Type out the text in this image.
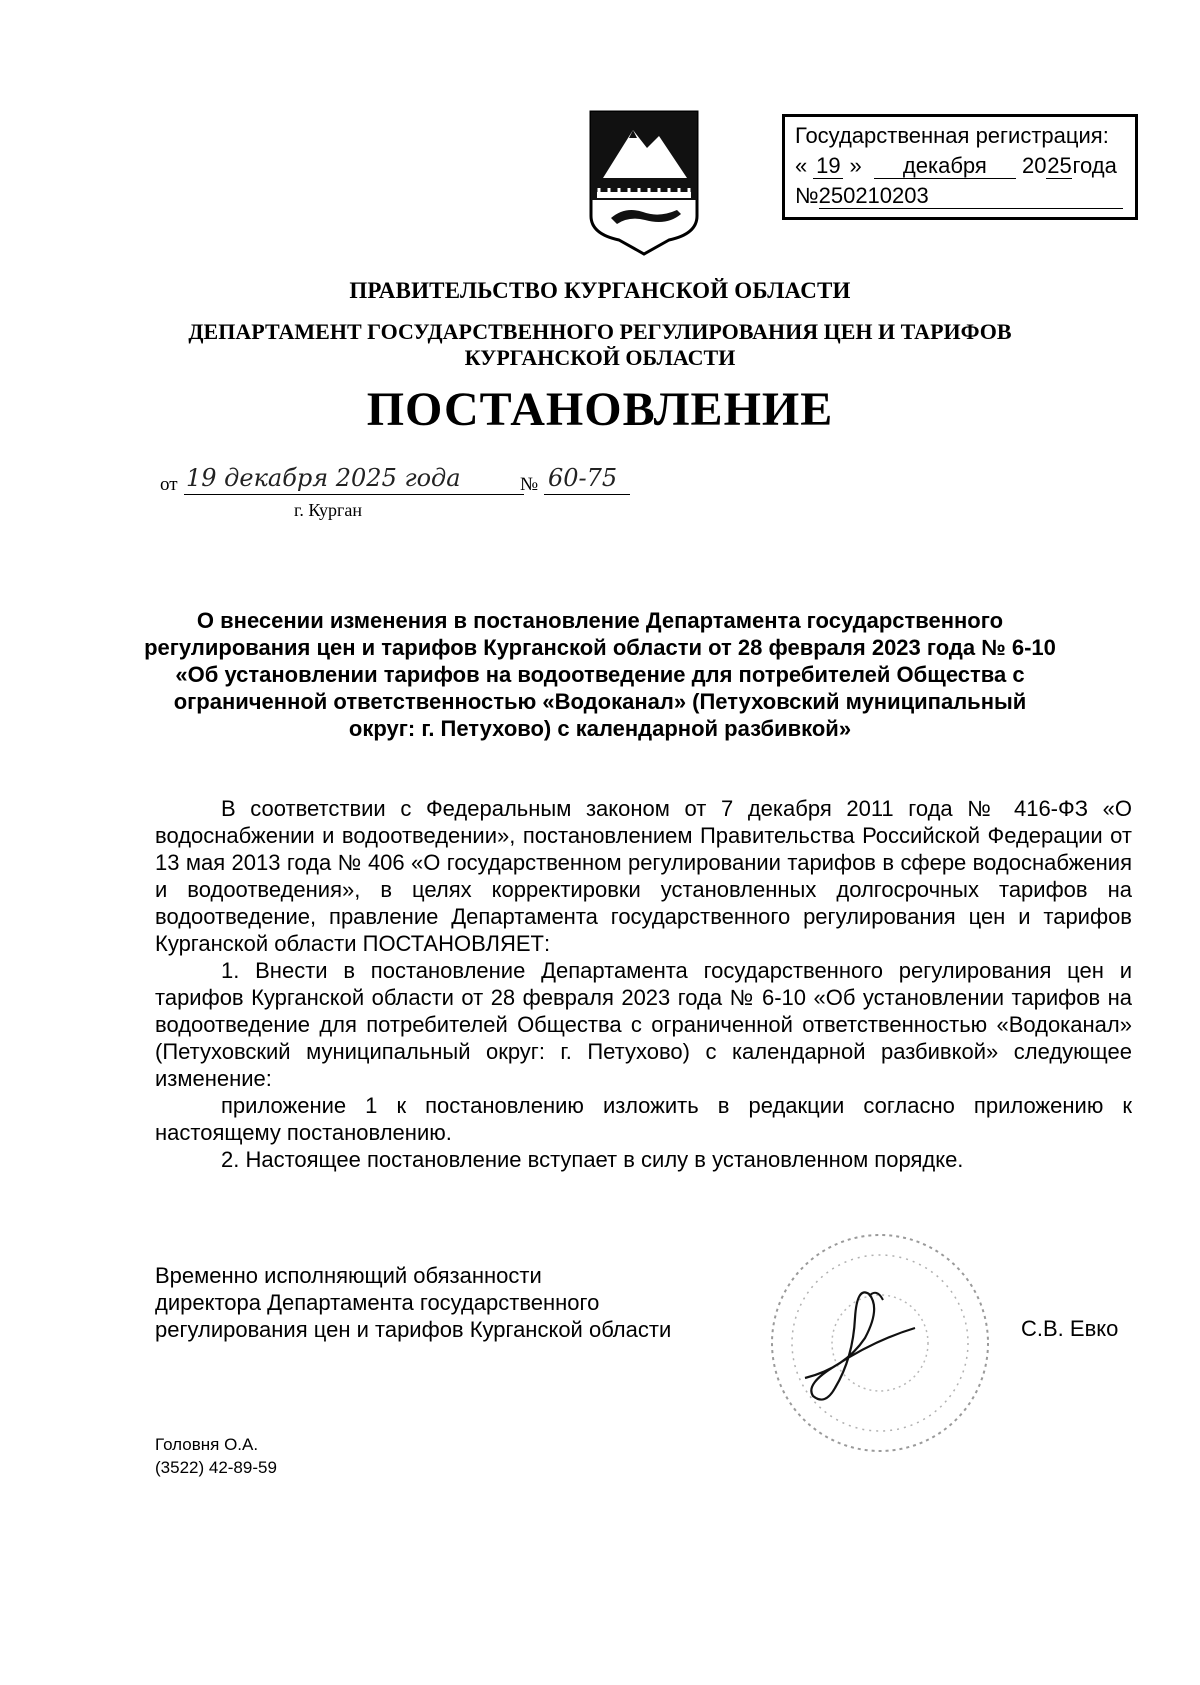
Государственная регистрация:
« 19 » декабря 2025года
№250210203
ПРАВИТЕЛЬСТВО КУРГАНСКОЙ ОБЛАСТИ
ДЕПАРТАМЕНТ ГОСУДАРСТВЕННОГО РЕГУЛИРОВАНИЯ ЦЕН И ТАРИФОВ
КУРГАНСКОЙ ОБЛАСТИ
ПОСТАНОВЛЕНИЕ
от 19 декабря 2025 года	№ 60-75
г. Курган
О внесении изменения в постановление Департамента государственного регулирования цен и тарифов Курганской области от 28 февраля 2023 года № 6-10 «Об установлении тарифов на водоотведение для потребителей Общества с ограниченной ответственностью «Водоканал» (Петуховский муниципальный округ: г. Петухово) с календарной разбивкой»

В соответствии с Федеральным законом от 7 декабря 2011 года № 416-ФЗ «О водоснабжении и водоотведении», постановлением Правительства Российской Федерации от 13 мая 2013 года № 406 «О государственном регулировании тарифов в сфере водоснабжения и водоотведения», в целях корректировки установленных долгосрочных тарифов на водоотведение, правление Департамента государственного регулирования цен и тарифов Курганской области ПОСТАНОВЛЯЕТ:

1. Внести в постановление Департамента государственного регулирования цен и тарифов Курганской области от 28 февраля 2023 года № 6-10 «Об установлении тарифов на водоотведение для потребителей Общества с ограниченной ответственностью «Водоканал» (Петуховский муниципальный округ: г. Петухово) с календарной разбивкой» следующее изменение:

приложение 1 к постановлению изложить в редакции согласно приложению к настоящему постановлению.

2. Настоящее постановление вступает в силу в установленном порядке.

Временно исполняющий обязанности
директора Департамента государственного
регулирования цен и тарифов Курганской области	С.В. Евко
Головня О.А.
(3522) 42-89-59
